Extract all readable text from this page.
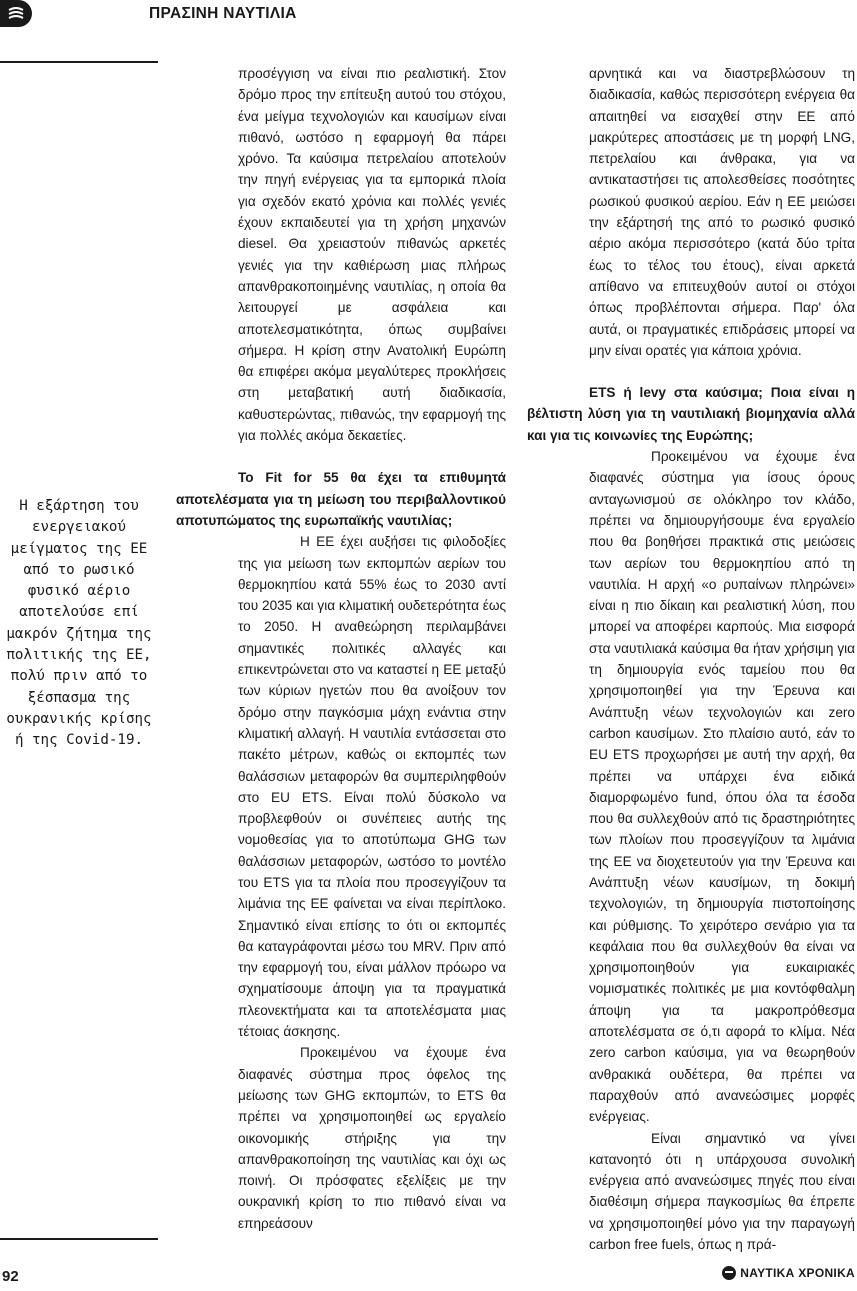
ΠΡΑΣΙΝΗ ΝΑΥΤΙΛΙΑ
Η εξάρτηση του ενεργειακού μείγματος της ΕΕ από το ρωσικό φυσικό αέριο αποτελούσε επί μακρόν ζήτημα της πολιτικής της ΕΕ, πολύ πριν από το ξέσπασμα της ουκρανικής κρίσης ή της Covid-19.

προσέγγιση να είναι πιο ρεαλιστική. Στον δρόμο προς την επίτευξη αυτού του στόχου, ένα μείγμα τεχνολογιών και καυσίμων είναι πιθανό, ωστόσο η εφαρμογή θα πάρει χρόνο. Τα καύσιμα πετρελαίου αποτελούν την πηγή ενέργειας για τα εμπορικά πλοία για σχεδόν εκατό χρόνια και πολλές γενιές έχουν εκπαιδευτεί για τη χρήση μηχανών diesel. Θα χρειαστούν πιθανώς αρκετές γενιές για την καθιέρωση μιας πλήρως απανθρακοποιημένης ναυτιλίας, η οποία θα λειτουργεί με ασφάλεια και αποτελεσματικότητα, όπως συμβαίνει σήμερα. Η κρίση στην Ανατολική Ευρώπη θα επιφέρει ακόμα μεγαλύτερες προκλήσεις στη μεταβατική αυτή διαδικασία, καθυστερώντας, πιθανώς, την εφαρμογή της για πολλές ακόμα δεκαετίες.

Το Fit for 55 θα έχει τα επιθυμητά αποτελέσματα για τη μείωση του περιβαλλοντικού αποτυπώματος της ευρωπαϊκής ναυτιλίας;

Η ΕΕ έχει αυξήσει τις φιλοδοξίες της για μείωση των εκπομπών αερίων του θερμοκηπίου κατά 55% έως το 2030 αντί του 2035 και για κλιματική ουδετερότητα έως το 2050. Η αναθεώρηση περιλαμβάνει σημαντικές πολιτικές αλλαγές και επικεντρώνεται στο να καταστεί η ΕΕ μεταξύ των κύριων ηγετών που θα ανοίξουν τον δρόμο στην παγκόσμια μάχη ενάντια στην κλιματική αλλαγή. Η ναυτιλία εντάσσεται στο πακέτο μέτρων, καθώς οι εκπομπές των θαλάσσιων μεταφορών θα συμπεριληφθούν στο EU ETS. Είναι πολύ δύσκολο να προβλεφθούν οι συνέπειες αυτής της νομοθεσίας για το αποτύπωμα GHG των θαλάσσιων μεταφορών, ωστόσο το μοντέλο του ETS για τα πλοία που προσεγγίζουν τα λιμάνια της ΕΕ φαίνεται να είναι περίπλοκο. Σημαντικό είναι επίσης το ότι οι εκπομπές θα καταγράφονται μέσω του MRV. Πριν από την εφαρμογή του, είναι μάλλον πρόωρο να σχηματίσουμε άποψη για τα πραγματικά πλεονεκτήματα και τα αποτελέσματα μιας τέτοιας άσκησης.

Προκειμένου να έχουμε ένα διαφανές σύστημα προς όφελος της μείωσης των GHG εκπομπών, το ETS θα πρέπει να χρησιμοποιηθεί ως εργαλείο οικονομικής στήριξης για την απανθρακοποίηση της ναυτιλίας και όχι ως ποινή. Οι πρόσφατες εξελίξεις με την ουκρανική κρίση το πιο πιθανό είναι να επηρεάσουν

αρνητικά και να διαστρεβλώσουν τη διαδικασία, καθώς περισσότερη ενέργεια θα απαιτηθεί να εισαχθεί στην ΕΕ από μακρύτερες αποστάσεις με τη μορφή LNG, πετρελαίου και άνθρακα, για να αντικαταστήσει τις απολεσθείσες ποσότητες ρωσικού φυσικού αερίου. Εάν η ΕΕ μειώσει την εξάρτησή της από το ρωσικό φυσικό αέριο ακόμα περισσότερο (κατά δύο τρίτα έως το τέλος του έτους), είναι αρκετά απίθανο να επιτευχθούν αυτοί οι στόχοι όπως προβλέπονται σήμερα. Παρ' όλα αυτά, οι πραγματικές επιδράσεις μπορεί να μην είναι ορατές για κάποια χρόνια.

ETS ή levy στα καύσιμα; Ποια είναι η βέλτιστη λύση για τη ναυτιλιακή βιομηχανία αλλά και για τις κοινωνίες της Ευρώπης;

Προκειμένου να έχουμε ένα διαφανές σύστημα για ίσους όρους ανταγωνισμού σε ολόκληρο τον κλάδο, πρέπει να δημιουργήσουμε ένα εργαλείο που θα βοηθήσει πρακτικά στις μειώσεις των αερίων του θερμοκηπίου από τη ναυτιλία. Η αρχή «ο ρυπαίνων πληρώνει» είναι η πιο δίκαιη και ρεαλιστική λύση, που μπορεί να αποφέρει καρπούς. Μια εισφορά στα ναυτιλιακά καύσιμα θα ήταν χρήσιμη για τη δημιουργία ενός ταμείου που θα χρησιμοποιηθεί για την Έρευνα και Ανάπτυξη νέων τεχνολογιών και zero carbon καυσίμων. Στο πλαίσιο αυτό, εάν το EU ETS προχωρήσει με αυτή την αρχή, θα πρέπει να υπάρχει ένα ειδικά διαμορφωμένο fund, όπου όλα τα έσοδα που θα συλλεχθούν από τις δραστηριότητες των πλοίων που προσεγγίζουν τα λιμάνια της ΕΕ να διοχετευτούν για την Έρευνα και Ανάπτυξη νέων καυσίμων, τη δοκιμή τεχνολογιών, τη δημιουργία πιστοποίησης και ρύθμισης. Το χειρότερο σενάριο για τα κεφάλαια που θα συλλεχθούν θα είναι να χρησιμοποιηθούν για ευκαιριακές νομισματικές πολιτικές με μια κοντόφθαλμη άποψη για τα μακροπρόθεσμα αποτελέσματα σε ό,τι αφορά το κλίμα. Νέα zero carbon καύσιμα, για να θεωρηθούν ανθρακικά ουδέτερα, θα πρέπει να παραχθούν από ανανεώσιμες μορφές ενέργειας.

Είναι σημαντικό να γίνει κατανοητό ότι η υπάρχουσα συνολική ενέργεια από ανανεώσιμες πηγές που είναι διαθέσιμη σήμερα παγκοσμίως θα έπρεπε να χρησιμοποιηθεί μόνο για την παραγωγή carbon free fuels, όπως η πρά-

92	ΝΑΥΤΙΚΑ ΧΡΟΝΙΚΑ
